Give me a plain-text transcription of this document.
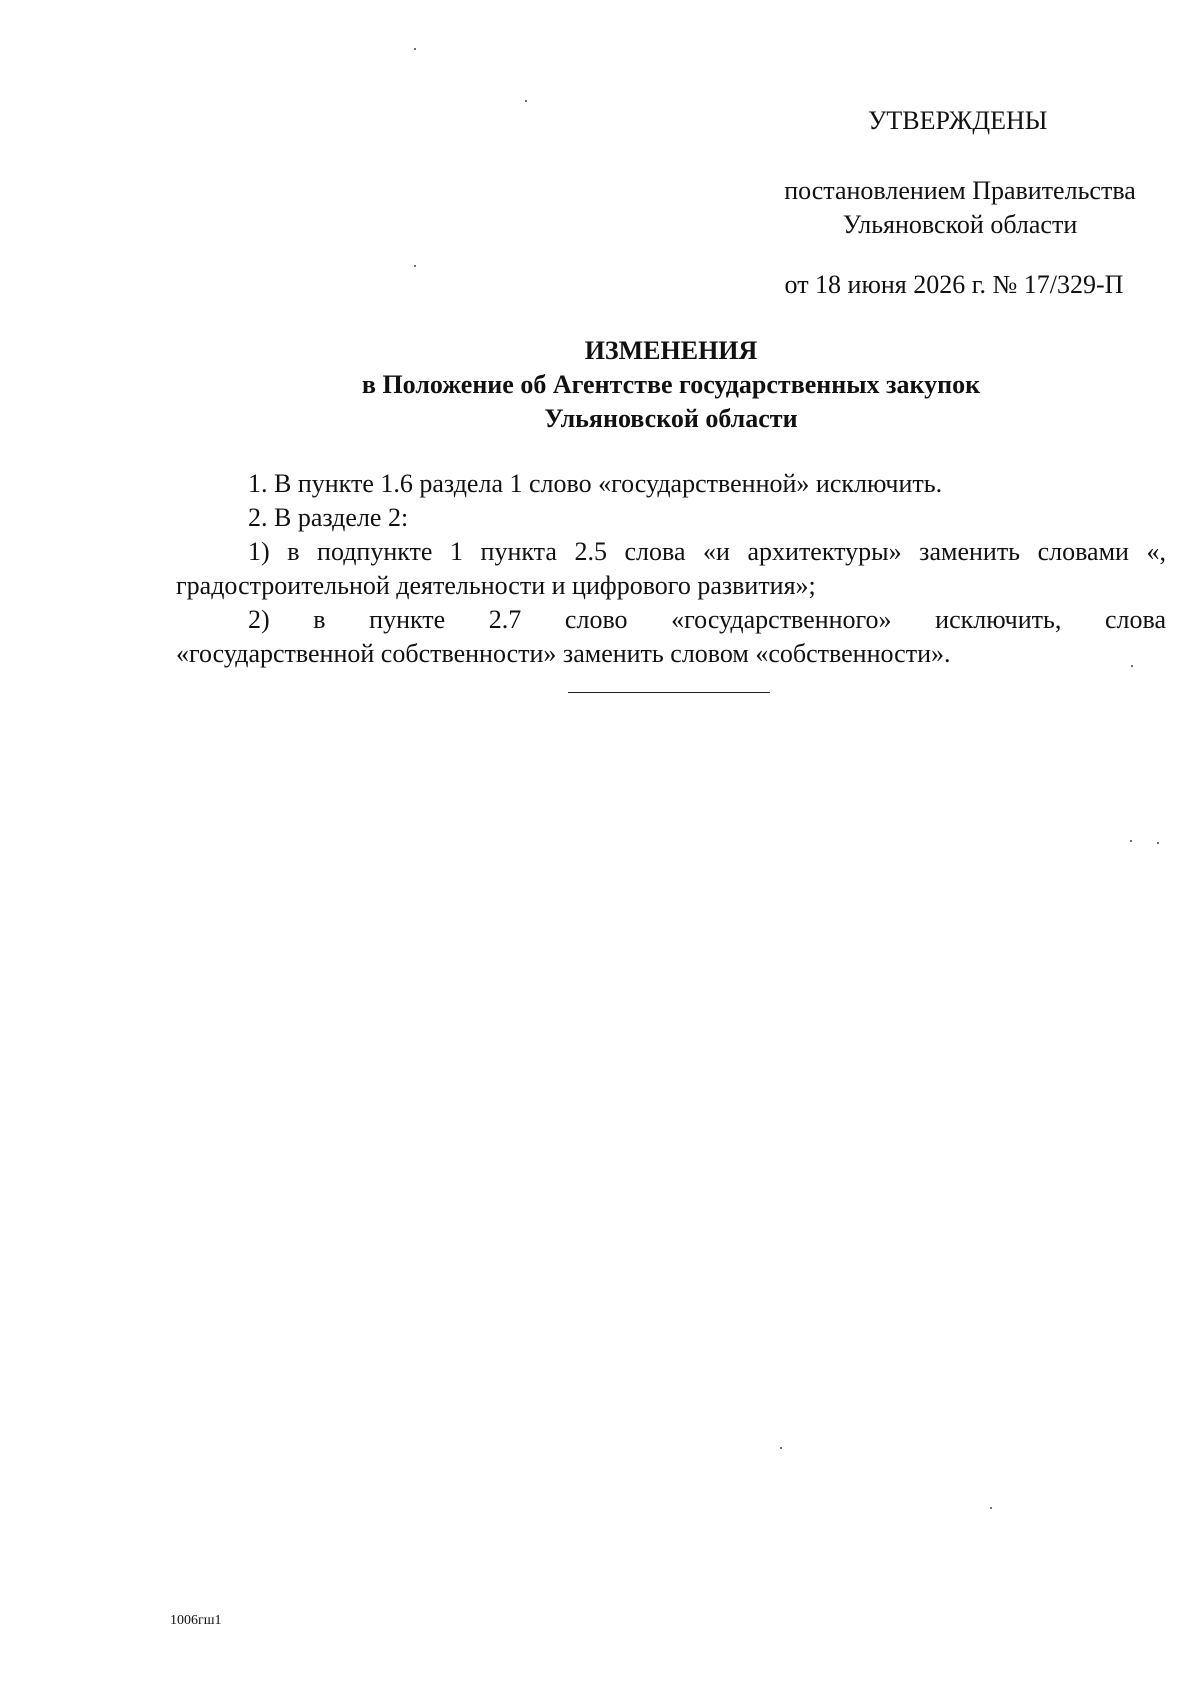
УТВЕРЖДЕНЫ
постановлением Правительства
Ульяновской области
от 18 июня 2026 г. № 17/329-П
ИЗМЕНЕНИЯ
в Положение об Агентстве государственных закупок
Ульяновской области

1. В пункте 1.6 раздела 1 слово «государственной» исключить.

2. В разделе 2:

1) в подпункте 1 пункта 2.5 слова «и архитектуры» заменить словами «, градостроительной деятельности и цифрового развития»;

2) в пункте 2.7 слово «государственного» исключить, слова
«государственной собственности» заменить словом «собственности».

1006гш1
